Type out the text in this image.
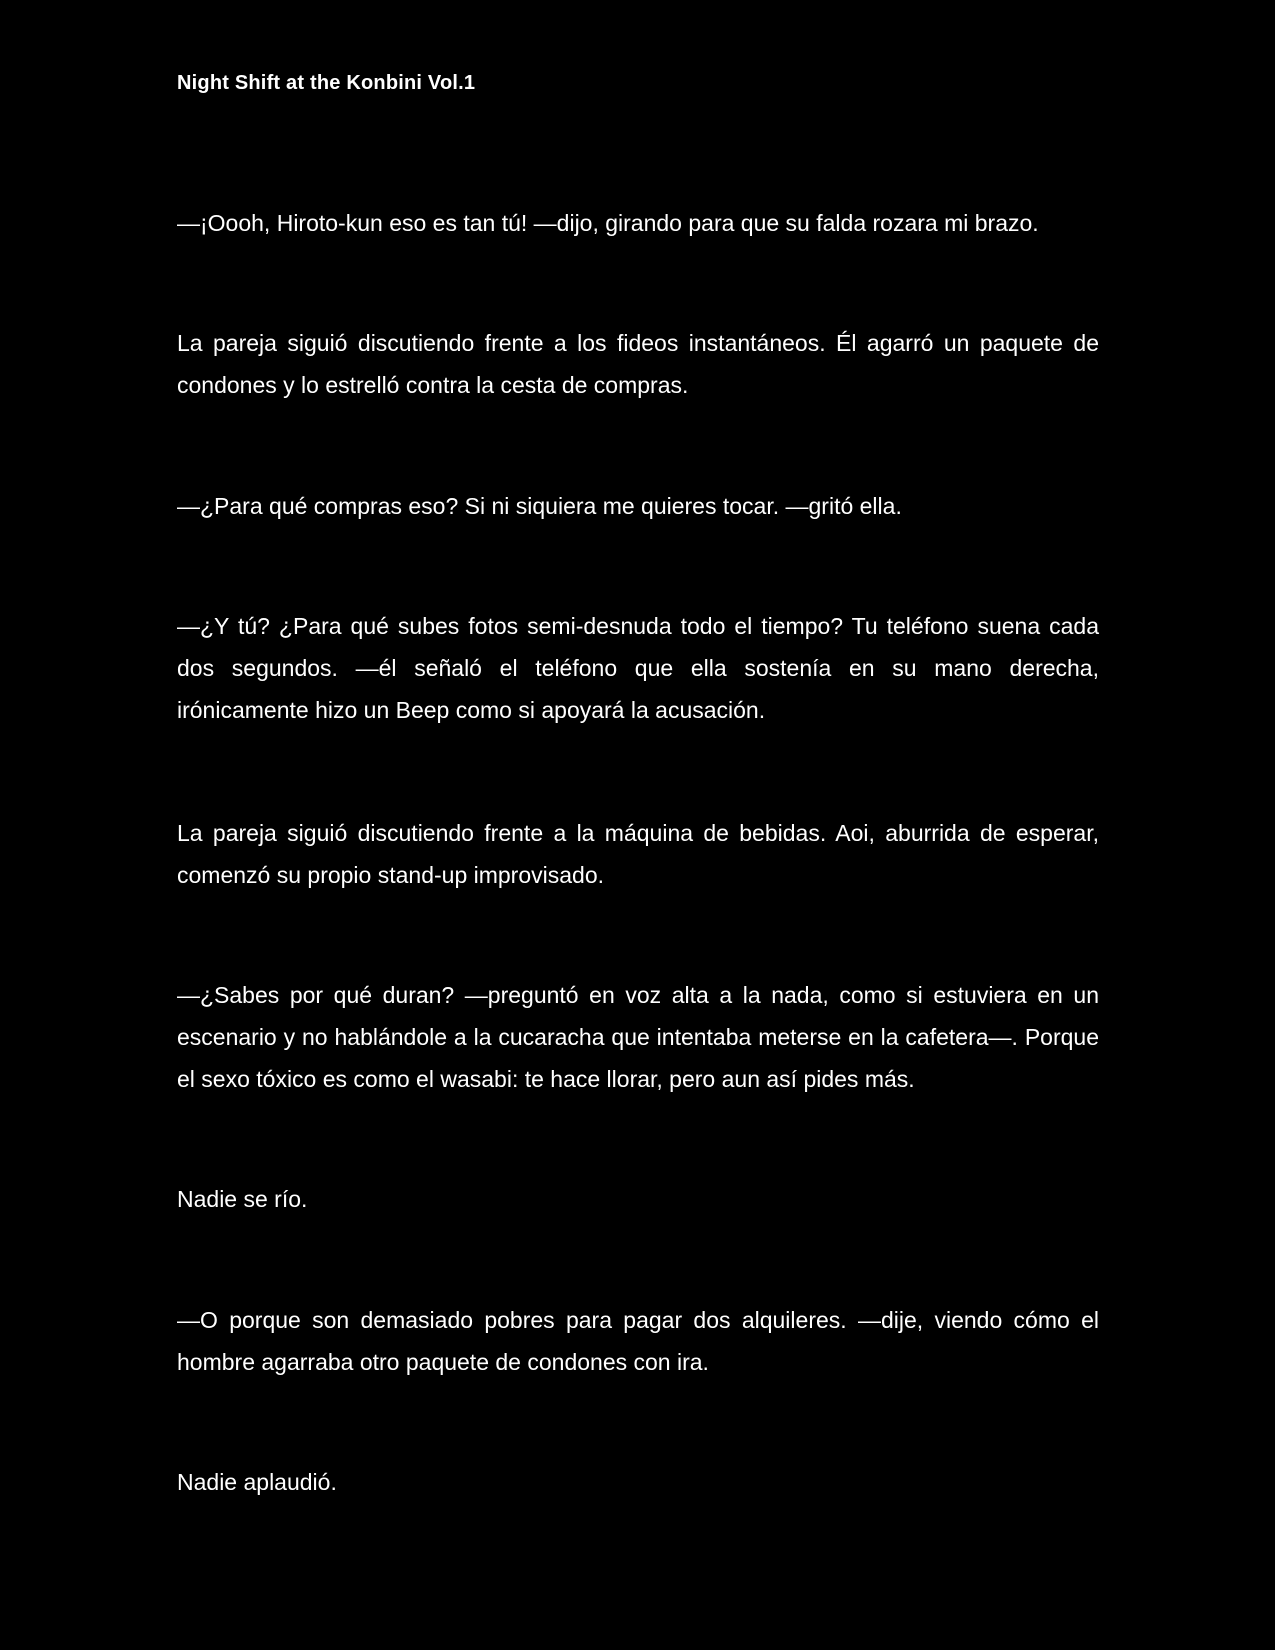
Night Shift at the Konbini Vol.1

—¡Oooh, Hiroto-kun eso es tan tú! —dijo, girando para que su falda rozara mi brazo.

La pareja siguió discutiendo frente a los fideos instantáneos. Él agarró un paquete de condones y lo estrelló contra la cesta de compras.

—¿Para qué compras eso? Si ni siquiera me quieres tocar. —gritó ella.

—¿Y tú? ¿Para qué subes fotos semi-desnuda todo el tiempo? Tu teléfono suena cada dos segundos. —él señaló el teléfono que ella sostenía en su mano derecha, irónicamente hizo un Beep como si apoyará la acusación.

La pareja siguió discutiendo frente a la máquina de bebidas. Aoi, aburrida de esperar, comenzó su propio stand-up improvisado.

—¿Sabes por qué duran? —preguntó en voz alta a la nada, como si estuviera en un escenario y no hablándole a la cucaracha que intentaba meterse en la cafetera—. Porque el sexo tóxico es como el wasabi: te hace llorar, pero aun así pides más.

Nadie se río.

—O porque son demasiado pobres para pagar dos alquileres. —dije, viendo cómo el hombre agarraba otro paquete de condones con ira.

Nadie aplaudió.
